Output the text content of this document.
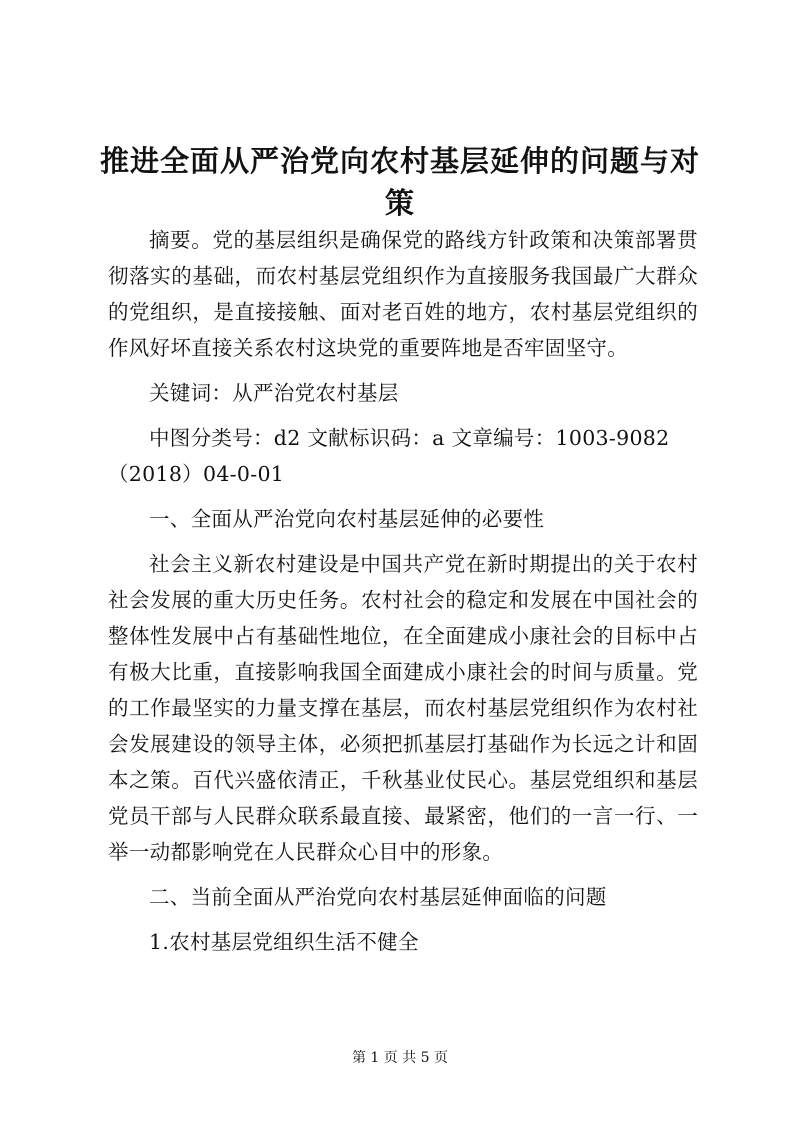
推进全面从严治党向农村基层延伸的问题与对策

摘要。党的基层组织是确保党的路线方针政策和决策部署贯彻落实的基础，而农村基层党组织作为直接服务我国最广大群众的党组织，是直接接触、面对老百姓的地方，农村基层党组织的作风好坏直接关系农村这块党的重要阵地是否牢固坚守。

关键词：从严治党农村基层

中图分类号：d2 文献标识码：a 文章编号：1003-9082（2018）04-0-01

一、全面从严治党向农村基层延伸的必要性

社会主义新农村建设是中国共产党在新时期提出的关于农村社会发展的重大历史任务。农村社会的稳定和发展在中国社会的整体性发展中占有基础性地位，在全面建成小康社会的目标中占有极大比重，直接影响我国全面建成小康社会的时间与质量。党的工作最坚实的力量支撑在基层，而农村基层党组织作为农村社会发展建设的领导主体，必须把抓基层打基础作为长远之计和固本之策。百代兴盛依清正，千秋基业仗民心。基层党组织和基层党员干部与人民群众联系最直接、最紧密，他们的一言一行、一举一动都影响党在人民群众心目中的形象。

二、当前全面从严治党向农村基层延伸面临的问题

1.农村基层党组织生活不健全

第 1 页 共 5 页
